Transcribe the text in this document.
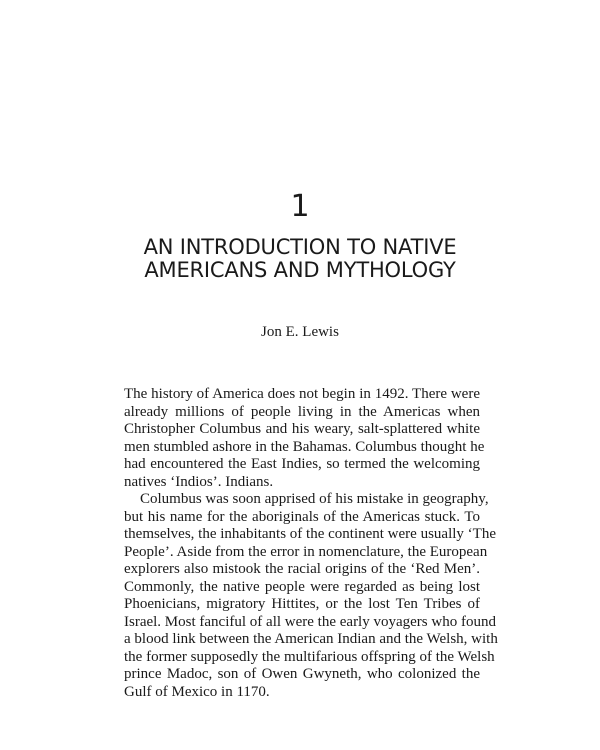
1
AN INTRODUCTION TO NATIVE
AMERICANS AND MYTHOLOGY
Jon E. Lewis
The history of America does not begin in 1492. There were
already millions of people living in the Americas when
Christopher Columbus and his weary, salt-splattered white
men stumbled ashore in the Bahamas. Columbus thought he
had encountered the East Indies, so termed the welcoming
natives ‘Indios’. Indians.
Columbus was soon apprised of his mistake in geography,
but his name for the aboriginals of the Americas stuck. To
themselves, the inhabitants of the continent were usually ‘The
People’. Aside from the error in nomenclature, the European
explorers also mistook the racial origins of the ‘Red Men’.
Commonly, the native people were regarded as being lost
Phoenicians, migratory Hittites, or the lost Ten Tribes of
Israel. Most fanciful of all were the early voyagers who found
a blood link between the American Indian and the Welsh, with
the former supposedly the multifarious offspring of the Welsh
prince Madoc, son of Owen Gwyneth, who colonized the
Gulf of Mexico in 1170.
